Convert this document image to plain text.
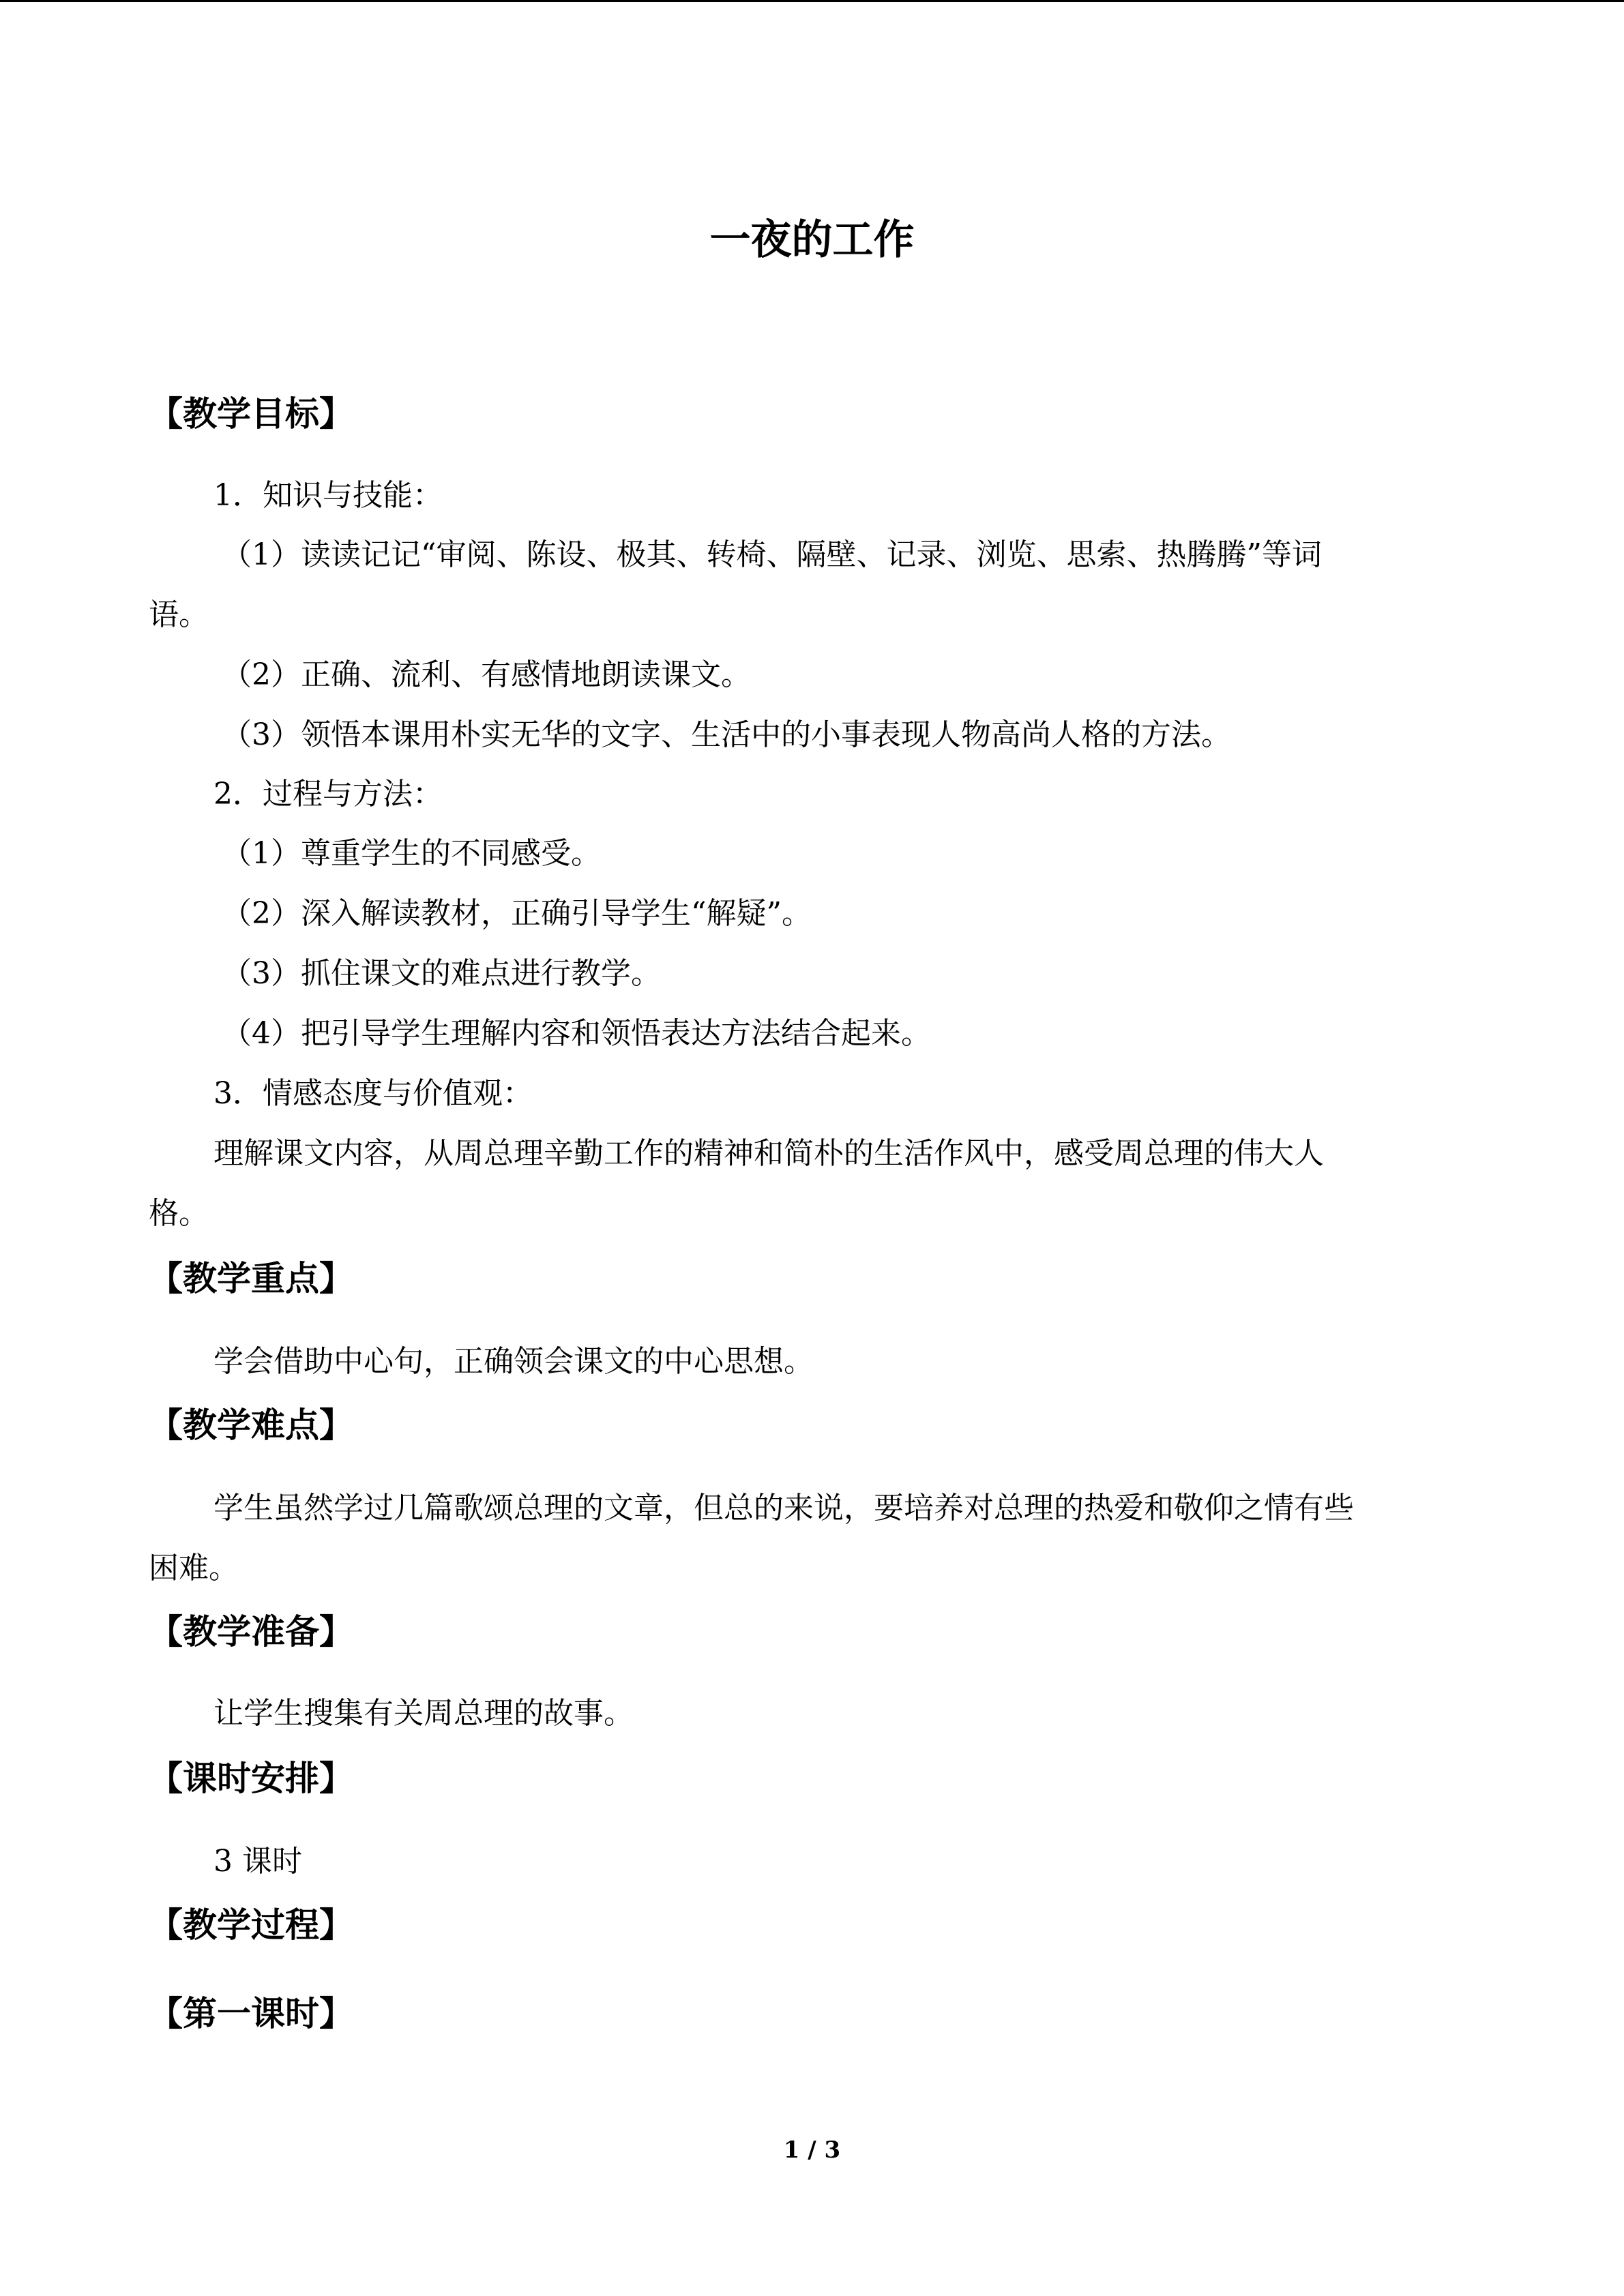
一夜的工作
【教学目标】
1．知识与技能：
（1）读读记记“审阅、陈设、极其、转椅、隔壁、记录、浏览、思索、热腾腾”等词
语。
（2）正确、流利、有感情地朗读课文。
（3）领悟本课用朴实无华的文字、生活中的小事表现人物高尚人格的方法。
2．过程与方法：
（1）尊重学生的不同感受。
（2）深入解读教材，正确引导学生“解疑”。
（3）抓住课文的难点进行教学。
（4）把引导学生理解内容和领悟表达方法结合起来。
3．情感态度与价值观：
理解课文内容，从周总理辛勤工作的精神和简朴的生活作风中，感受周总理的伟大人
格。
【教学重点】
学会借助中心句，正确领会课文的中心思想。
【教学难点】
学生虽然学过几篇歌颂总理的文章，但总的来说，要培养对总理的热爱和敬仰之情有些
困难。
【教学准备】
让学生搜集有关周总理的故事。
【课时安排】
3 课时
【教学过程】
【第一课时】
1 / 3
